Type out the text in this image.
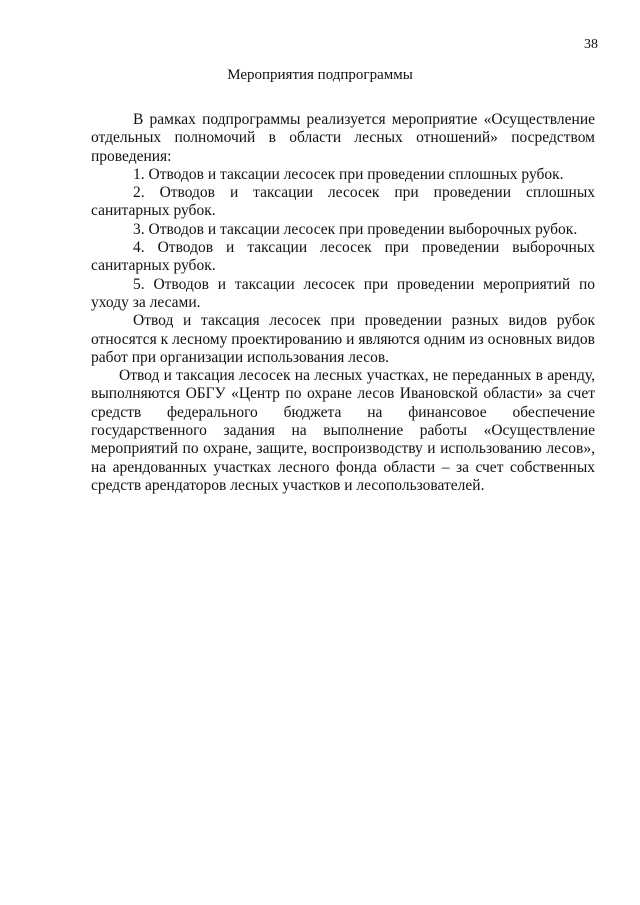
38
Мероприятия подпрограммы

В рамках подпрограммы реализуется мероприятие «Осуществление отдельных полномочий в области лесных отношений» посредством проведения:

1. Отводов и таксации лесосек при проведении сплошных рубок.

2. Отводов и таксации лесосек при проведении сплошных санитарных рубок.

3. Отводов и таксации лесосек при проведении выборочных рубок.

4. Отводов и таксации лесосек при проведении выборочных санитарных рубок.

5. Отводов и таксации лесосек при проведении мероприятий по уходу за лесами.

Отвод и таксация лесосек при проведении разных видов рубок относятся к лесному проектированию и являются одним из основных видов работ при организации использования лесов.

Отвод и таксация лесосек на лесных участках, не переданных в аренду, выполняются ОБГУ «Центр по охране лесов Ивановской области» за счет средств федерального бюджета на финансовое обеспечение государственного задания на выполнение работы «Осуществление мероприятий по охране, защите, воспроизводству и использованию лесов», на арендованных участках лесного фонда области – за счет собственных средств арендаторов лесных участков и лесопользователей.
